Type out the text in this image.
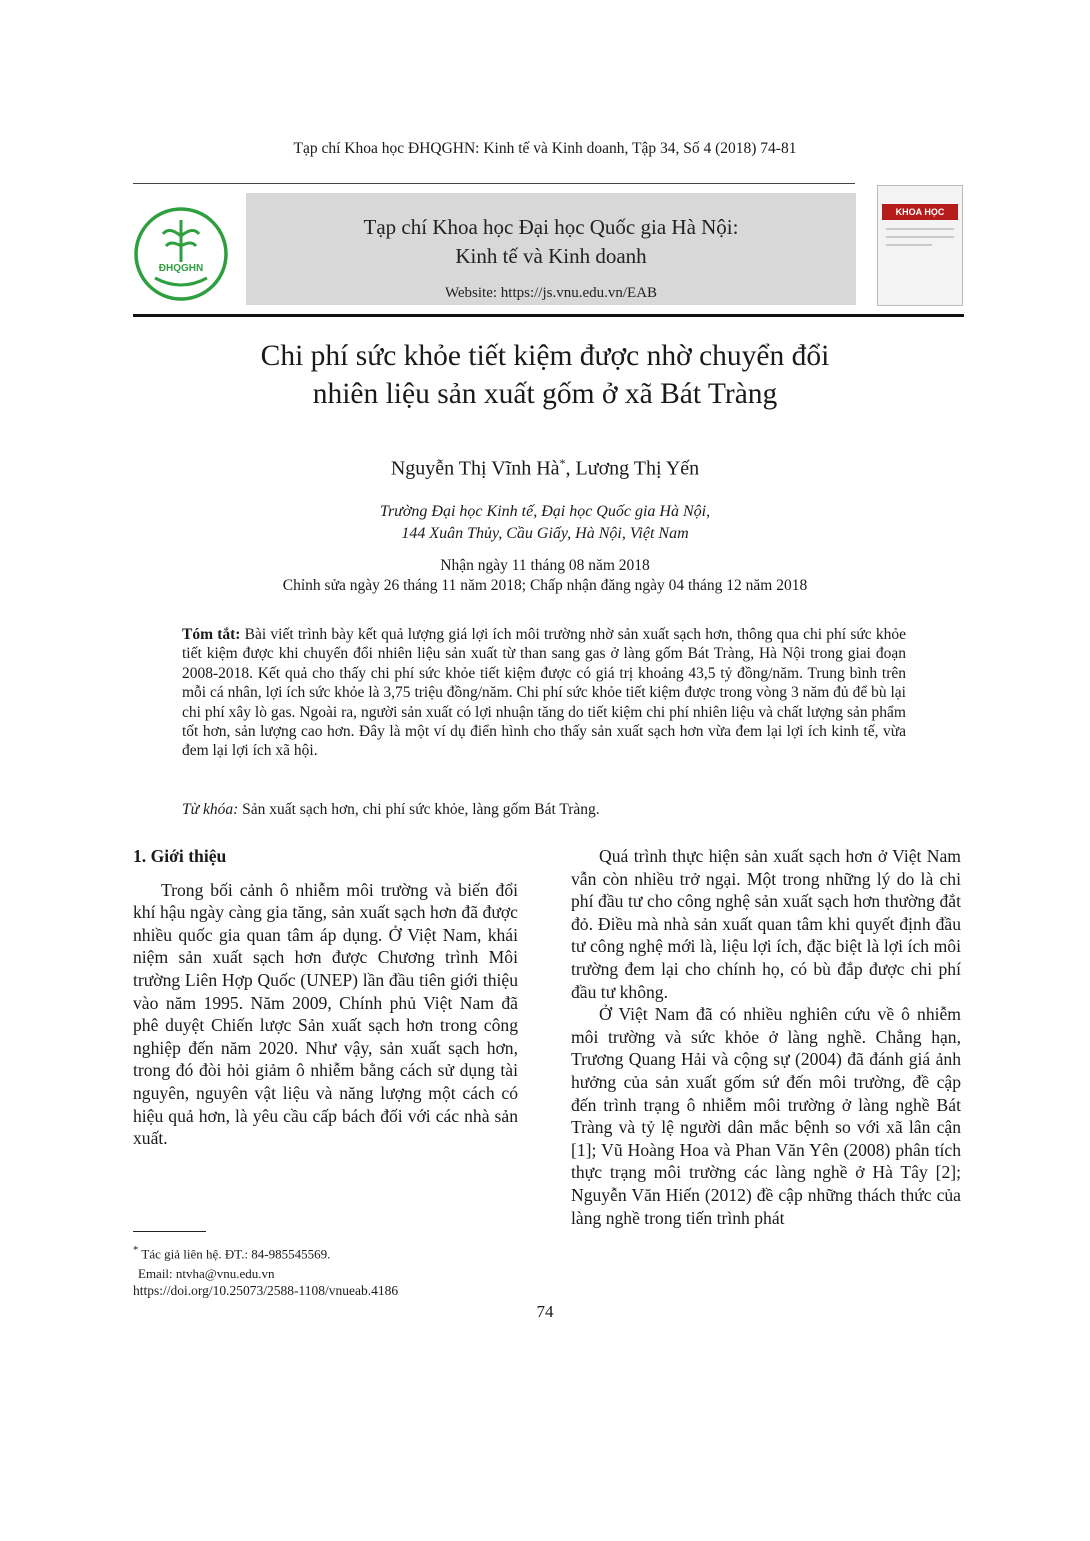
Tạp chí Khoa học ĐHQGHN: Kinh tế và Kinh doanh, Tập 34, Số 4 (2018) 74-81
ĐHQGHN
Tạp chí Khoa học Đại học Quốc gia Hà Nội:
Kinh tế và Kinh doanh
Website: https://js.vnu.edu.vn/EAB
KHOA HỌC
Chi phí sức khỏe tiết kiệm được nhờ chuyển đổi
nhiên liệu sản xuất gốm ở xã Bát Tràng
Nguyễn Thị Vĩnh Hà*, Lương Thị Yến
Trường Đại học Kinh tế, Đại học Quốc gia Hà Nội,
144 Xuân Thủy, Cầu Giấy, Hà Nội, Việt Nam
Nhận ngày 11 tháng 08 năm 2018
Chỉnh sửa ngày 26 tháng 11 năm 2018; Chấp nhận đăng ngày 04 tháng 12 năm 2018
Tóm tắt: Bài viết trình bày kết quả lượng giá lợi ích môi trường nhờ sản xuất sạch hơn, thông qua chi phí sức khỏe tiết kiệm được khi chuyển đổi nhiên liệu sản xuất từ than sang gas ở làng gốm Bát Tràng, Hà Nội trong giai đoạn 2008-2018. Kết quả cho thấy chi phí sức khỏe tiết kiệm được có giá trị khoảng 43,5 tỷ đồng/năm. Trung bình trên mỗi cá nhân, lợi ích sức khỏe là 3,75 triệu đồng/năm. Chi phí sức khỏe tiết kiệm được trong vòng 3 năm đủ để bù lại chi phí xây lò gas. Ngoài ra, người sản xuất có lợi nhuận tăng do tiết kiệm chi phí nhiên liệu và chất lượng sản phẩm tốt hơn, sản lượng cao hơn. Đây là một ví dụ điển hình cho thấy sản xuất sạch hơn vừa đem lại lợi ích kinh tế, vừa đem lại lợi ích xã hội.
Từ khóa: Sản xuất sạch hơn, chi phí sức khỏe, làng gốm Bát Tràng.
1. Giới thiệu

Trong bối cảnh ô nhiễm môi trường và biến đổi khí hậu ngày càng gia tăng, sản xuất sạch hơn đã được nhiều quốc gia quan tâm áp dụng. Ở Việt Nam, khái niệm sản xuất sạch hơn được Chương trình Môi trường Liên Hợp Quốc (UNEP) lần đầu tiên giới thiệu vào năm 1995. Năm 2009, Chính phủ Việt Nam đã phê duyệt Chiến lược Sản xuất sạch hơn trong công nghiệp đến năm 2020. Như vậy, sản xuất sạch hơn, trong đó đòi hỏi giảm ô nhiễm bằng cách sử dụng tài nguyên, nguyên vật liệu và năng lượng một cách có hiệu quả hơn, là yêu cầu cấp bách đối với các nhà sản xuất.

Quá trình thực hiện sản xuất sạch hơn ở Việt Nam vẫn còn nhiều trở ngại. Một trong những lý do là chi phí đầu tư cho công nghệ sản xuất sạch hơn thường đắt đỏ. Điều mà nhà sản xuất quan tâm khi quyết định đầu tư công nghệ mới là, liệu lợi ích, đặc biệt là lợi ích môi trường đem lại cho chính họ, có bù đắp được chi phí đầu tư không.

Ở Việt Nam đã có nhiều nghiên cứu về ô nhiễm môi trường và sức khỏe ở làng nghề. Chẳng hạn, Trương Quang Hải và cộng sự (2004) đã đánh giá ảnh hưởng của sản xuất gốm sứ đến môi trường, đề cập đến trình trạng ô nhiễm môi trường ở làng nghề Bát Tràng và tỷ lệ người dân mắc bệnh so với xã lân cận [1]; Vũ Hoàng Hoa và Phan Văn Yên (2008) phân tích thực trạng môi trường các làng nghề ở Hà Tây [2]; Nguyễn Văn Hiến (2012) đề cập những thách thức của làng nghề trong tiến trình phát

* Tác giả liên hệ. ĐT.: 84-985545569.
Email: ntvha@vnu.edu.vn
https://doi.org/10.25073/2588-1108/vnueab.4186
74
